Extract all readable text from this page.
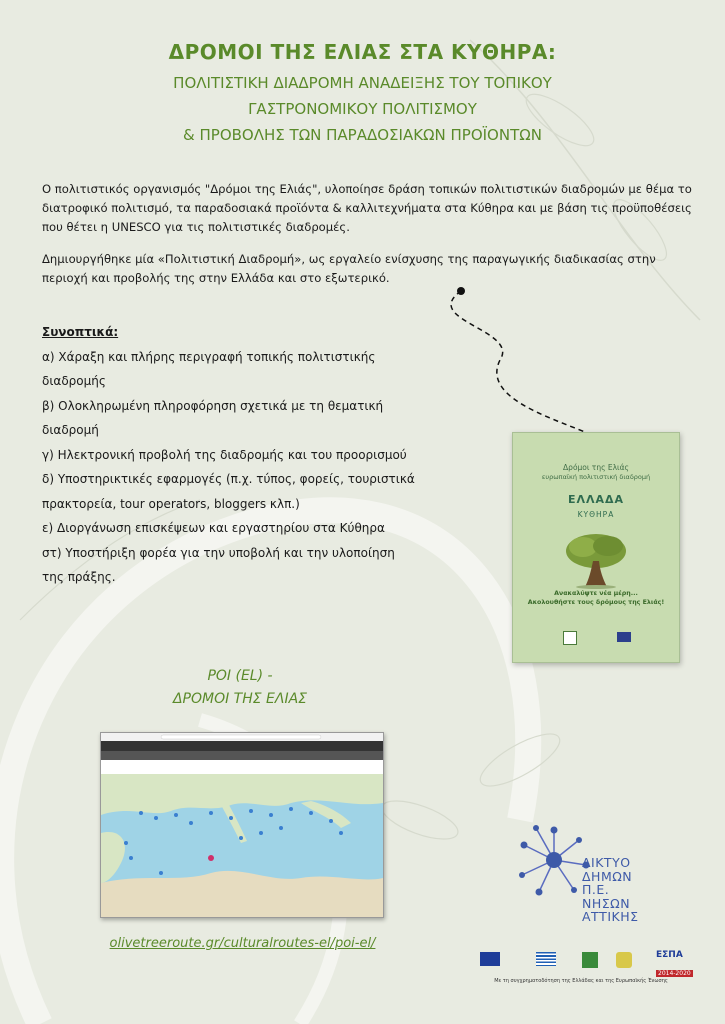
ΔΡΟΜΟΙ ΤΗΣ ΕΛΙΑΣ ΣΤΑ ΚΥΘΗΡΑ:
ΠΟΛΙΤΙΣΤΙΚΗ ΔΙΑΔΡΟΜΗ ΑΝΑΔΕΙΞΗΣ ΤΟΥ ΤΟΠΙΚΟΥ
ΓΑΣΤΡΟΝΟΜΙΚΟΥ ΠΟΛΙΤΙΣΜΟΥ
& ΠΡΟΒΟΛΗΣ ΤΩΝ ΠΑΡΑΔΟΣΙΑΚΩΝ ΠΡΟΪΟΝΤΩΝ

Ο πολιτιστικός οργανισμός "Δρόμοι της Ελιάς", υλοποίησε δράση τοπικών πολιτιστικών διαδρομών με θέμα το διατροφικό πολιτισμό, τα παραδοσιακά προϊόντα & καλλιτεχνήματα στα Κύθηρα και με βάση τις προϋποθέσεις που θέτει η UNESCO για τις πολιτιστικές διαδρομές.

Δημιουργήθηκε μία «Πολιτιστική Διαδρομή», ως εργαλείο ενίσχυσης της παραγωγικής διαδικασίας στην περιοχή και προβολής της στην Ελλάδα και στο εξωτερικό.

Συνοπτικά:
α) Χάραξη και πλήρης περιγραφή τοπικής πολιτιστικής
διαδρομής
β) Ολοκληρωμένη πληροφόρηση σχετικά με τη θεματική
διαδρομή
γ) Ηλεκτρονική προβολή της διαδρομής και του προορισμού
δ) Υποστηρικτικές εφαρμογές (π.χ. τύπος, φορείς, τουριστικά
πρακτορεία, tour operators, bloggers κλπ.)
ε) Διοργάνωση επισκέψεων και εργαστηρίου στα Κύθηρα
στ) Υποστήριξη φορέα για την υποβολή και την υλοποίηση
της πράξης.
Δρόμοι της Ελιάς
ευρωπαϊκή πολιτιστική διαδρομή
ΕΛΛΑΔΑ
ΚΥΘΗΡΑ
Ανακαλύψτε νέα μέρη...
Ακολουθήστε τους δρόμους της Ελιάς!
POI (EL) -
ΔΡΟΜΟΙ ΤΗΣ ΕΛΙΑΣ
olivetreeroute.gr/culturalroutes-el/poi-el/
ΔΙΚΤΥΟ
ΔΗΜΩΝ
Π.Ε.
ΝΗΣΩΝ
ΑΤΤΙΚΗΣ
ΕΣΠΑ
2014-2020
Με τη συγχρηματοδότηση της Ελλάδας και της Ευρωπαϊκής Ένωσης
